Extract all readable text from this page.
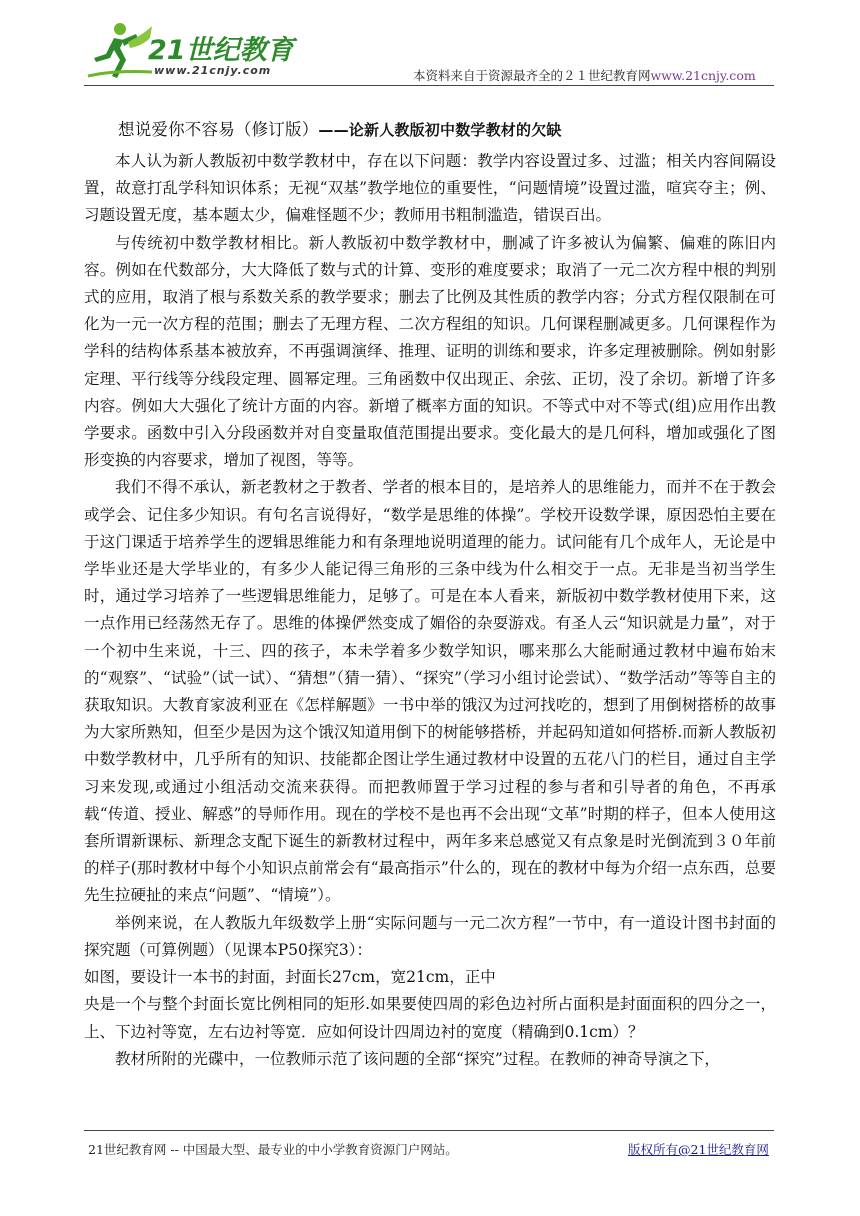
21世纪教育
www.21cnjy.com	本资料来自于资源最齐全的２１世纪教育网www.21cnjy.com
想说爱你不容易（修订版）——论新人教版初中数学教材的欠缺

本人认为新人教版初中数学教材中，存在以下问题：教学内容设置过多、过滥；相关内容间隔设置，故意打乱学科知识体系；无视“双基”教学地位的重要性，“问题情境”设置过滥，喧宾夺主；例、习题设置无度，基本题太少，偏难怪题不少；教师用书粗制滥造，错误百出。

与传统初中数学教材相比。新人教版初中数学教材中，删减了许多被认为偏繁、偏难的陈旧内容。例如在代数部分，大大降低了数与式的计算、变形的难度要求；取消了一元二次方程中根的判别式的应用，取消了根与系数关系的教学要求；删去了比例及其性质的教学内容；分式方程仅限制在可化为一元一次方程的范围；删去了无理方程、二次方程组的知识。几何课程删减更多。几何课程作为学科的结构体系基本被放弃，不再强调演绎、推理、证明的训练和要求，许多定理被删除。例如射影定理、平行线等分线段定理、圆幂定理。三角函数中仅出现正、余弦、正切，没了余切。新增了许多内容。例如大大强化了统计方面的内容。新增了概率方面的知识。不等式中对不等式(组)应用作出教学要求。函数中引入分段函数并对自变量取值范围提出要求。变化最大的是几何科，增加或强化了图形变换的内容要求，增加了视图，等等。

我们不得不承认，新老教材之于教者、学者的根本目的，是培养人的思维能力，而并不在于教会或学会、记住多少知识。有句名言说得好，“数学是思维的体操”。学校开设数学课，原因恐怕主要在于这门课适于培养学生的逻辑思维能力和有条理地说明道理的能力。试问能有几个成年人，无论是中学毕业还是大学毕业的，有多少人能记得三角形的三条中线为什么相交于一点。无非是当初当学生时，通过学习培养了一些逻辑思维能力，足够了。可是在本人看来，新版初中数学教材使用下来，这一点作用已经荡然无存了。思维的体操俨然变成了媚俗的杂耍游戏。有圣人云“知识就是力量”，对于一个初中生来说，十三、四的孩子，本未学着多少数学知识，哪来那么大能耐通过教材中遍布始末的“观察”、“试验”（试一试）、“猜想”（猜一猜）、“探究”（学习小组讨论尝试）、“数学活动”等等自主的获取知识。大教育家波利亚在《怎样解题》一书中举的饿汉为过河找吃的，想到了用倒树搭桥的故事为大家所熟知，但至少是因为这个饿汉知道用倒下的树能够搭桥，并起码知道如何搭桥.而新人教版初中数学教材中，几乎所有的知识、技能都企图让学生通过教材中设置的五花八门的栏目，通过自主学习来发现,或通过小组活动交流来获得。而把教师置于学习过程的参与者和引导者的角色，不再承载“传道、授业、解惑”的导师作用。现在的学校不是也再不会出现“文革”时期的样子，但本人使用这套所谓新课标、新理念支配下诞生的新教材过程中，两年多来总感觉又有点象是时光倒流到３０年前的样子(那时教材中每个小知识点前常会有“最高指示”什么的，现在的教材中每为介绍一点东西，总要先生拉硬扯的来点“问题”、“情境”）。

举例来说，在人教版九年级数学上册“实际问题与一元二次方程”一节中，有一道设计图书封面的探究题（可算例题）（见课本P50探究3）：

如图，要设计一本书的封面，封面长27cm，宽21cm，正中

央是一个与整个封面长宽比例相同的矩形.如果要使四周的彩色边衬所占面积是封面面积的四分之一，上、下边衬等宽，左右边衬等宽．应如何设计四周边衬的宽度（精确到0.1cm）？

教材所附的光碟中，一位教师示范了该问题的全部“探究”过程。在教师的神奇导演之下，

21世纪教育网 -- 中国最大型、最专业的中小学教育资源门户网站。	版权所有@21世纪教育网
